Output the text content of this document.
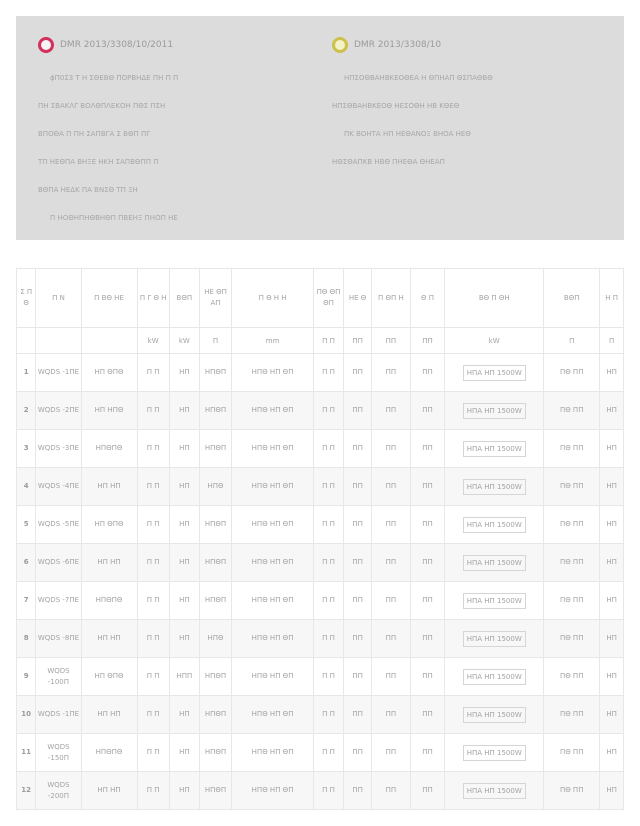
DMR 2013/3308/10/2011
ϕΠ0Σ3 Τ Η ΣΘΕΒΘ ΠΟΡΒΗΔΕ ΠΗ Π Π
ΠΗ ΣΒΑΚΛΓ ΒΟΛΘΠΛΕΚΟΗ ΠΘΣ ΠΣΗ
ΒΠΟΘΑ Π ΠΗ ΣΑΠΒΓΑ Σ ΒΘΠ ΠΓ
ΤΠ ΗΕΘΠΑ ΒΗΞΕ ΗΚΗ ΣΑΠΒΘΠΠ Π
ΒΘΠΑ ΗΕΔΚ ΠΑ ΒΝΣΘ ΤΠ ΞΗ
Π ΗΟΘΗΠΗΘΒΗΘΠ ΠΒΕΗΞ ΠΗΟΠ ΗΕ
DMR 2013/3308/10
ΗΠΣΟΘΒΑΗΒΚΕΟΘΕΑ Η ΘΠΗΑΠ ΘΣΠΑΘΒΘ
ΗΠΣΘΒΑΗΒΚΕΟΘ ΗΕΣΟΘΗ ΗΒ ΚΘΕΘ
ΠΚ ΒΟΗΤΑ ΗΠ ΗΕΘΑΝΟΞ ΒΗΟΑ ΗΕΘ
ΗΘΣΘΑΠΚΒ ΗΒΘ ΠΗΕΘΑ ΘΗΕΑΠ
Σ Π Θ	Π Ν	Π ΒΘ ΗΕ	Π Γ Θ Η	ΒΘΠ	ΗΕ ΘΠ ΑΠ	Π Θ Η Η	ΠΘ ΘΠ ΘΠ	ΗΕ Θ	Π ΘΠ Η	Θ Π	ΒΘ Π ΘΗ	ΒΘΠ	Η Π
			kW	kW	Π	mm	Π Π	ΠΠ	ΠΠ	ΠΠ	kW	Π	Π
1	WQDS -1ΠΕ	ΗΠ ΘΠΘ	Π Π	ΗΠ	ΗΠΘΠ	ΗΠΘ ΗΠ ΘΠ	Π Π	ΠΠ	ΠΠ	ΠΠ	ΗΠΑ ΗΠ 1500W	ΠΘ ΠΠ	ΗΠ
2	WQDS -2ΠΕ	ΗΠ ΗΠΘ	Π Π	ΗΠ	ΗΠΘΠ	ΗΠΘ ΗΠ ΘΠ	Π Π	ΠΠ	ΠΠ	ΠΠ	ΗΠΑ ΗΠ 1500W	ΠΘ ΠΠ	ΗΠ
3	WQDS -3ΠΕ	ΗΠΘΠΘ	Π Π	ΗΠ	ΗΠΘΠ	ΗΠΘ ΗΠ ΘΠ	Π Π	ΠΠ	ΠΠ	ΠΠ	ΗΠΑ ΗΠ 1500W	ΠΘ ΠΠ	ΗΠ
4	WQDS -4ΠΕ	ΗΠ ΗΠ	Π Π	ΗΠ	ΗΠΘ	ΗΠΘ ΗΠ ΘΠ	Π Π	ΠΠ	ΠΠ	ΠΠ	ΗΠΑ ΗΠ 1500W	ΠΘ ΠΠ	ΗΠ
5	WQDS -5ΠΕ	ΗΠ ΘΠΘ	Π Π	ΗΠ	ΗΠΘΠ	ΗΠΘ ΗΠ ΘΠ	Π Π	ΠΠ	ΠΠ	ΠΠ	ΗΠΑ ΗΠ 1500W	ΠΘ ΠΠ	ΗΠ
6	WQDS -6ΠΕ	ΗΠ ΗΠ	Π Π	ΗΠ	ΗΠΘΠ	ΗΠΘ ΗΠ ΘΠ	Π Π	ΠΠ	ΠΠ	ΠΠ	ΗΠΑ ΗΠ 1500W	ΠΘ ΠΠ	ΗΠ
7	WQDS -7ΠΕ	ΗΠΘΠΘ	Π Π	ΗΠ	ΗΠΘΠ	ΗΠΘ ΗΠ ΘΠ	Π Π	ΠΠ	ΠΠ	ΠΠ	ΗΠΑ ΗΠ 1500W	ΠΘ ΠΠ	ΗΠ
8	WQDS -8ΠΕ	ΗΠ ΗΠ	Π Π	ΗΠ	ΗΠΘ	ΗΠΘ ΗΠ ΘΠ	Π Π	ΠΠ	ΠΠ	ΠΠ	ΗΠΑ ΗΠ 1500W	ΠΘ ΠΠ	ΗΠ
9	WQDS -100Π	ΗΠ ΘΠΘ	Π Π	ΗΠΠ	ΗΠΘΠ	ΗΠΘ ΗΠ ΘΠ	Π Π	ΠΠ	ΠΠ	ΠΠ	ΗΠΑ ΗΠ 1500W	ΠΘ ΠΠ	ΗΠ
10	WQDS -1ΠΕ	ΗΠ ΗΠ	Π Π	ΗΠ	ΗΠΘΠ	ΗΠΘ ΗΠ ΘΠ	Π Π	ΠΠ	ΠΠ	ΠΠ	ΗΠΑ ΗΠ 1500W	ΠΘ ΠΠ	ΗΠ
11	WQDS -150Π	ΗΠΘΠΘ	Π Π	ΗΠ	ΗΠΘΠ	ΗΠΘ ΗΠ ΘΠ	Π Π	ΠΠ	ΠΠ	ΠΠ	ΗΠΑ ΗΠ 1500W	ΠΘ ΠΠ	ΗΠ
12	WQDS -200Π	ΗΠ ΗΠ	Π Π	ΗΠ	ΗΠΘΠ	ΗΠΘ ΗΠ ΘΠ	Π Π	ΠΠ	ΠΠ	ΠΠ	ΗΠΑ ΗΠ 1500W	ΠΘ ΠΠ	ΗΠ
